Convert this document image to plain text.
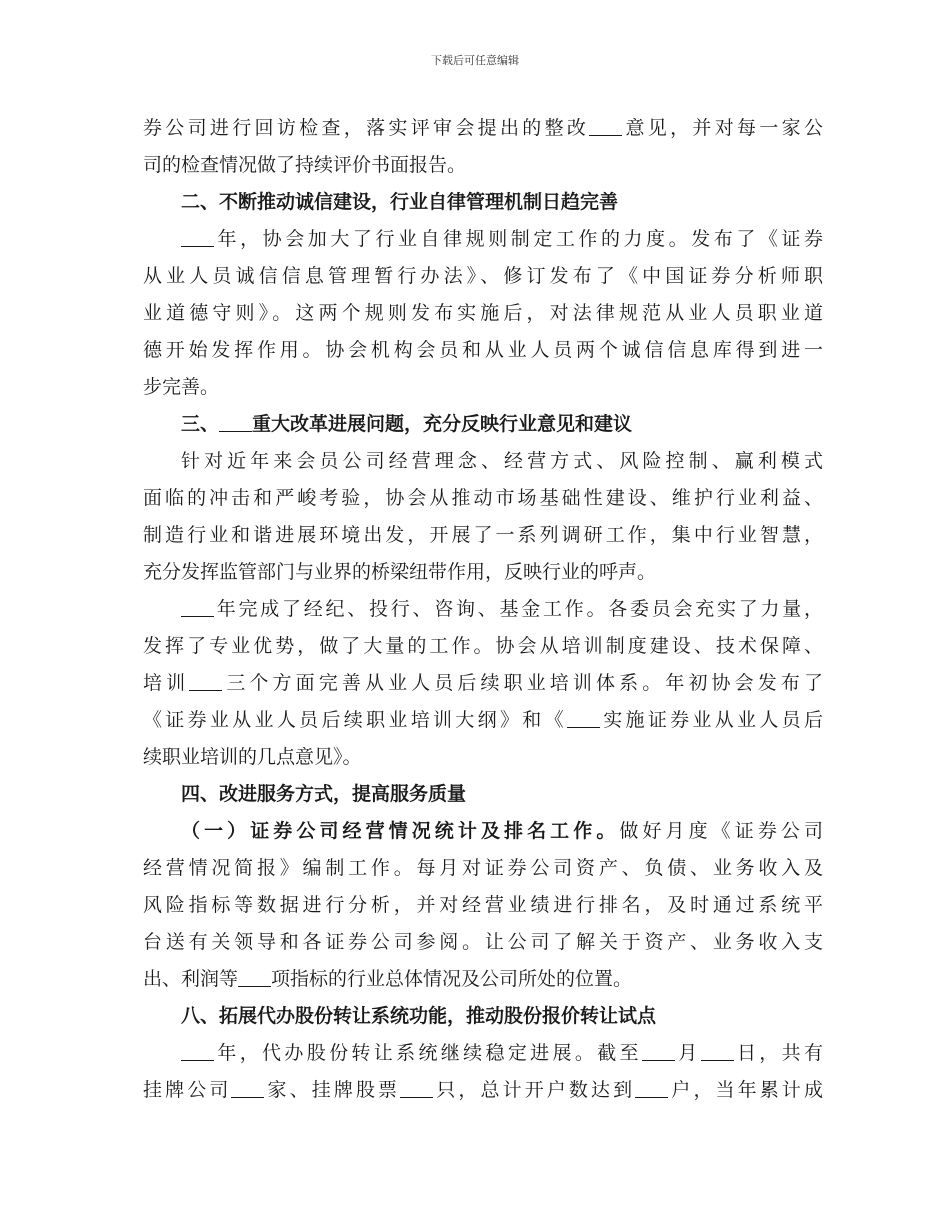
下载后可任意编辑
券公司进行回访检查，落实评审会提出的整改 意见，并对每一家公
司的检查情况做了持续评价书面报告。
二、不断推动诚信建设，行业自律管理机制日趋完善
年，协会加大了行业自律规则制定工作的力度。发布了《证券
从业人员诚信信息管理暂行办法》、修订发布了《中国证券分析师职
业道德守则》。这两个规则发布实施后，对法律规范从业人员职业道
德开始发挥作用。协会机构会员和从业人员两个诚信信息库得到进一
步完善。
三、 重大改革进展问题，充分反映行业意见和建议
针对近年来会员公司经营理念、经营方式、风险控制、赢利模式
面临的冲击和严峻考验，协会从推动市场基础性建设、维护行业利益、
制造行业和谐进展环境出发，开展了一系列调研工作，集中行业智慧，
充分发挥监管部门与业界的桥梁纽带作用，反映行业的呼声。
年完成了经纪、投行、咨询、基金工作。各委员会充实了力量，
发挥了专业优势，做了大量的工作。协会从培训制度建设、技术保障、
培训 三个方面完善从业人员后续职业培训体系。年初协会发布了
《证券业从业人员后续职业培训大纲》和《 实施证券业从业人员后
续职业培训的几点意见》。
四、改进服务方式，提高服务质量
（一）证券公司经营情况统计及排名工作。做好月度《证券公司
经营情况简报》编制工作。每月对证券公司资产、负债、业务收入及
风险指标等数据进行分析，并对经营业绩进行排名，及时通过系统平
台送有关领导和各证券公司参阅。让公司了解关于资产、业务收入支
出、利润等 项指标的行业总体情况及公司所处的位置。
八、拓展代办股份转让系统功能，推动股份报价转让试点
年，代办股份转让系统继续稳定进展。截至 月 日，共有
挂牌公司 家、挂牌股票 只，总计开户数达到 户，当年累计成
